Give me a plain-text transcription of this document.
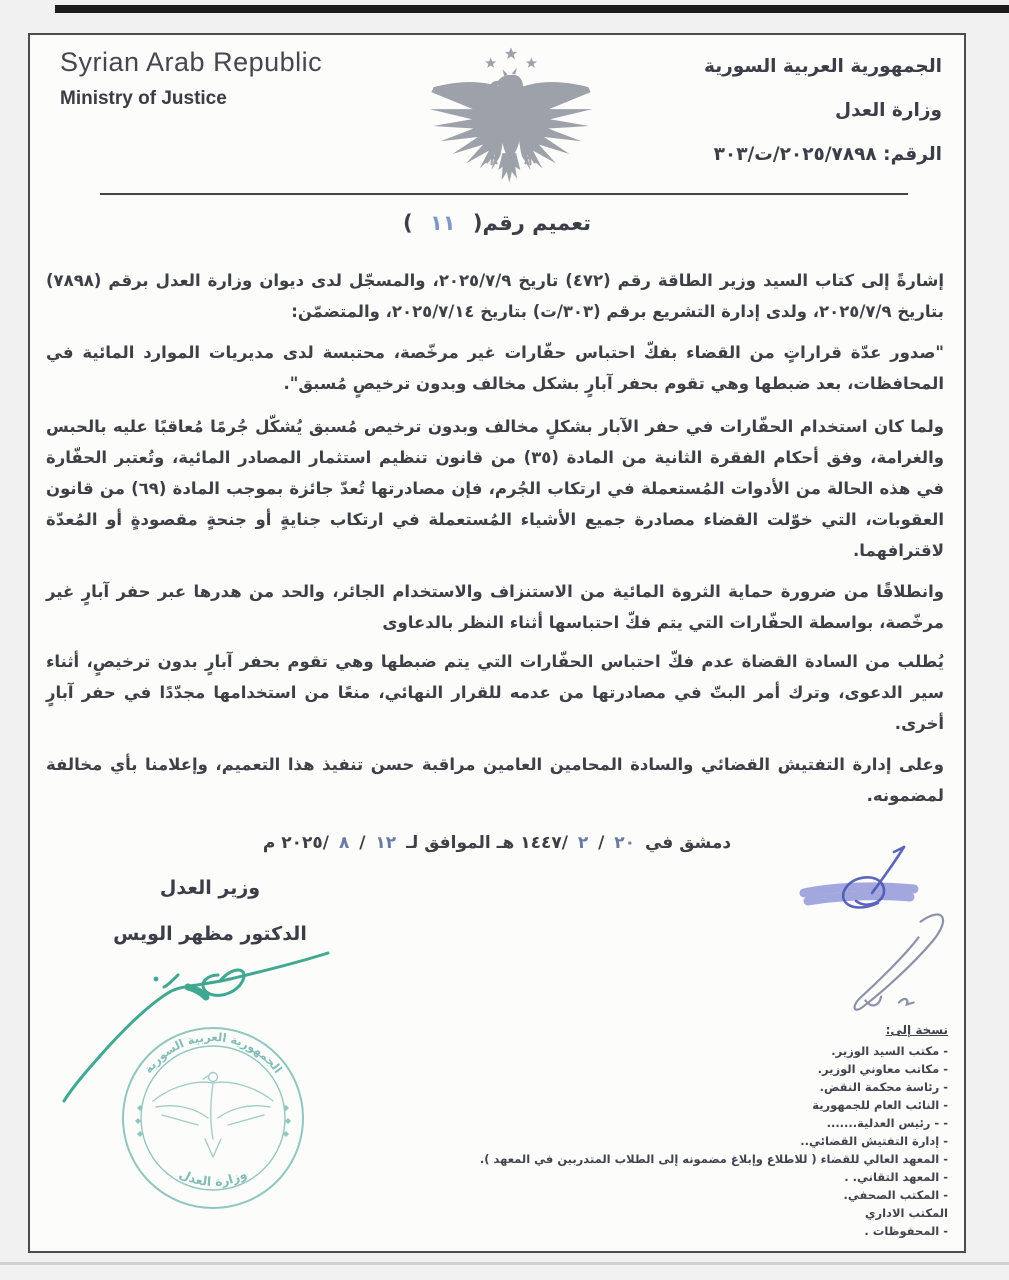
Syrian Arab Republic
Ministry of Justice
الجمهورية العربية السورية
وزارة العدل
الرقم: ٢٠٢٥/٧٨٩٨/ت/٣٠٣
تعميم رقم( ١١ )

إشارةً إلى كتاب السيد وزير الطاقة رقم (٤٧٢) تاريخ ٢٠٢٥/٧/٩، والمسجّل لدى ديوان وزارة العدل برقم (٧٨٩٨) بتاريخ ٢٠٢٥/٧/٩، ولدى إدارة التشريع برقم ⁦(٣٠٣/ت)⁩ بتاريخ ٢٠٢٥/٧/١٤، والمتضمّن:

"صدور عدّة قراراتٍ من القضاء بفكّ احتباس حفّارات غير مرخّصة، محتبسة لدى مديريات الموارد المائية في المحافظات، بعد ضبطها وهي تقوم بحفر آبارٍ بشكل مخالف وبدون ترخيصٍ مُسبق".

ولما كان استخدام الحفّارات في حفر الآبار بشكلٍ مخالف وبدون ترخيص مُسبق يُشكّل جُرمًا مُعاقبًا عليه بالحبس والغرامة، وفق أحكام الفقرة الثانية من المادة (٣٥) من قانون تنظيم استثمار المصادر المائية، وتُعتبر الحفّارة في هذه الحالة من الأدوات المُستعملة في ارتكاب الجُرم، فإن مصادرتها تُعدّ جائزة بموجب المادة (٦٩) من قانون العقوبات، التي خوّلت القضاء مصادرة جميع الأشياء المُستعملة في ارتكاب جنايةٍ أو جنحةٍ مقصودةٍ أو المُعدّة لاقترافهما.

وانطلاقًا من ضرورة حماية الثروة المائية من الاستنزاف والاستخدام الجائر، والحد من هدرها عبر حفر آبارٍ غير مرخّصة، بواسطة الحفّارات التي يتم فكّ احتباسها أثناء النظر بالدعاوى

يُطلب من السادة القضاة عدم فكّ احتباس الحفّارات التي يتم ضبطها وهي تقوم بحفر آبارٍ بدون ترخيصٍ، أثناء سير الدعوى، وترك أمر البتّ في مصادرتها من عدمه للقرار النهائي، منعًا من استخدامها مجدّدًا في حفر آبارٍ أخرى.

وعلى إدارة التفتيش القضائي والسادة المحامين العامين مراقبة حسن تنفيذ هذا التعميم، وإعلامنا بأي مخالفة لمضمونه.

دمشق في ٢٠ / ٢ /١٤٤٧ هـ الموافق لـ ١٢ / ٨ /٢٠٢٥ م
وزير العدل
الدكتور مظهر الويس
الجمهورية العربية السورية
وزارة العدل
نسخة إلى:
- مكتب السيد الوزير.
- مكاتب معاوني الوزير.
- رئاسة محكمة النقض.
- النائب العام للجمهورية
- - رئيس العدلية.......
- إدارة التفتيش القضائي..
- المعهد العالي للقضاء ( للاطلاع وإبلاغ مضمونه إلى الطلاب المتدربين في المعهد ).
- المعهد التقاني. .
- المكتب الصحفي.
المكتب الاداري
- المحفوظات .
